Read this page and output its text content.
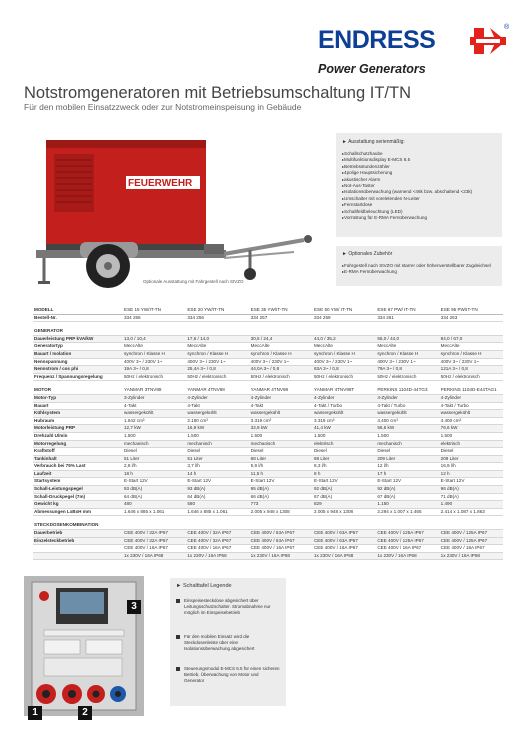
ENDRESS	®
Power Generators
Notstromgeneratoren mit Betriebsumschaltung IT/TN
Für den mobilen Einsatzzweck oder zur Notstromeinspeisung in Gebäude
FEUERWEHR
Optionale Ausstattung mit Fahrgestell nach StVZO
► Ausstattung serienmäßig:
▸ Schallschutzhaube
▸ Multifunktionsdisplay E-MCS 6.5
▸ Betriebsstundenzähler
▸ 4polige Hauptsicherung
▸ akustischer Alarm
▸ Not-Aus-Taster
▸ Isolationsüberwachung (warnend <46k bzw. abschaltend <23k)
▸ Umschalter mit vorelelenden N-Leiter
▸ Fernstartdose
▸ Schaltfeldbeleuchtung (LED)
▸ Vorrüstung für E-RMA Fernüberwachung
► Optionales Zubehör
▸ Fahrgestell nach StVZO mit starrer oder höhenverstellbarer Zugdeichsel
▸ E-RMA Fernüberwachung
MODELL	ESE 15 YW/IT-TN	ESE 20 YW/IT-TN	ESE 35 YW/IT-TN	ESE 50 YW/ IT-TN	ESE 67 PW/ IT-TN	ESE 95 PW/IT-TN
Bestell-Nr.	334 255	334 256	334 257	334 259	334 261	334 263
GENERATOR						
Dauerleistung PRP kVA/kW	13,0 / 10,4	17,6 / 14,0	30,5 / 24,4	44,0 / 35,2	55,0 / 44,0	84,0 / 67,0
Generatortyp	MeccAlte	MeccAlte	MeccAlte	MeccAlte	MeccAlte	MeccAlte
Bauart / Isolation	synchron / Klasse H	synchron / Klasse H	synchron / Klasse H	synchron / Klasse H	synchron / Klasse H	synchron / Klasse H
Nennspannung	400V 3~ / 230V 1~	400V 3~ / 230V 1~	400V 3~ / 230V 1~	400V 3~ / 230V 1~	400V 3~ / 230V 1~	400V 3~ / 230V 1~
Nennstrom / cos phi	19A 3~ / 0,8	25,4A 3~ / 0,8	44,0A 3~ / 0,8	63A 3~ / 0,8	79A 3~ / 0,8	121A 3~ / 0,8
Frequenz / Spannungsregelung	50Hz / elektronisch	50Hz / elektronisch	50Hz / elektronisch	50Hz / elektronisch	50Hz / elektronisch	50Hz / elektronisch
MOTOR	YANMAR 3TNV88	YANMAR 4TNV88	YANMAR 4TNV98	YANMAR 4TNV98T	PERKINS 1104D-44TG3	PERKINS 1104D-E44TAG1
Motor-Typ	3-Zylinder	4-Zylinder	4-Zylinder	4-Zylinder	4-Zylinder	4-Zylinder
Bauart	4-Takt	4-Takt	4-Takt	4-Takt / Turbo	4-Takt / Turbo	4-Takt / Turbo
Kühlsystem	wassergekühlt	wassergekühlt	wassergekühlt	wassergekühlt	wassergekühlt	wassergekühlt
Hubraum	1.642 cm³	2.190 cm³	3.319 cm³	3.319 cm³	4.400 cm³	4.400 cm³
Motorleistung PRP	12,7 kW	16,9 kW	32,9 kW	41,4 kW	56,6 kW	76,6 kW
Drehzahl U/min	1.500	1.500	1.500	1.500	1.500	1.500
Motorregelung	mechanisch	mechanisch	mechanisch	elektrisch	mechanisch	elektrisch
Kraftstoff	Diesel	Diesel	Diesel	Diesel	Diesel	Diesel
Tankinhalt	51 Liter	51 Liter	68 Liter	68 Liter	209 Liter	209 Liter
Verbrauch bei 75% Last	2,8 l/h	3,7 l/h	5,9 l/h	8,3 l/h	12 l/h	16,9 l/h
Laufzeit	18 h	14 h	11,5 h	8 h	17 h	12 h
Startsystem	E-Start 12V	E-Start 12V	E-Start 12V	E-Start 12V	E-Start 12V	E-Start 12V
Schall-Leistungspegel	93 dB(A)	93 dB(A)	95 dB(A)	92 dB(A)	92 dB(A)	96 dB(A)
Schall-Druckpegel (7m)	64 dB(A)	64 dB(A)	66 dB(A)	67 dB(A)	67 dB(A)	71 dB(A)
Gewicht kg	480	580	773	829	1.150	1.490
Abmessungen LxBxH mm	1.646 x 885 x 1.061	1.646 x 885 x 1.061	2.005 x 948 x 1308	2.005 x 948 x 1308	2.294 x 1.007 x 1.465	2.414 x 1.087 x 1.863
STECKDOSENKOMBINATION						
Dauerbetrieb	CEE 400V / 32A IP67	CEE 400V / 32A IP67	CEE 400V / 63A IP67	CEE 400V / 63A IP67	CEE 400V / 125A IP67	CEE 400V / 125A IP67
Einzelsteckbetrieb	CEE 400V / 32A IP67	CEE 400V / 32A IP67	CEE 400V / 63A IP67	CEE 400V / 63A IP67	CEE 400V / 125A IP67	CEE 400V / 125A IP67
	CEE 400V / 16A IP67	CEE 400V / 16A IP67	CEE 400V / 16A IP67	CEE 400V / 16A IP67	CEE 400V / 16A IP67	CEE 400V / 16A IP67
	1x 230V / 16A IP68	1x 230V / 16A IP68	1x 230V / 16A IP68	1x 230V / 16A IP68	1x 230V / 16A IP68	1x 230V / 16A IP68
1	2
3
► Schalttafel Legende
Einspeisesteckdose abgesichert über Leitungsschutzschalter. Stromabnahme nur möglich im Einspeisebetrieb
Für den mobilen Einsatz wird die Steckdosenleiste über eine Isolationsüberwachung abgesichert
Steuerungsmodul E-MCS 6.5 für einen sicheren Betrieb, Überwachung von Motor und Generator
